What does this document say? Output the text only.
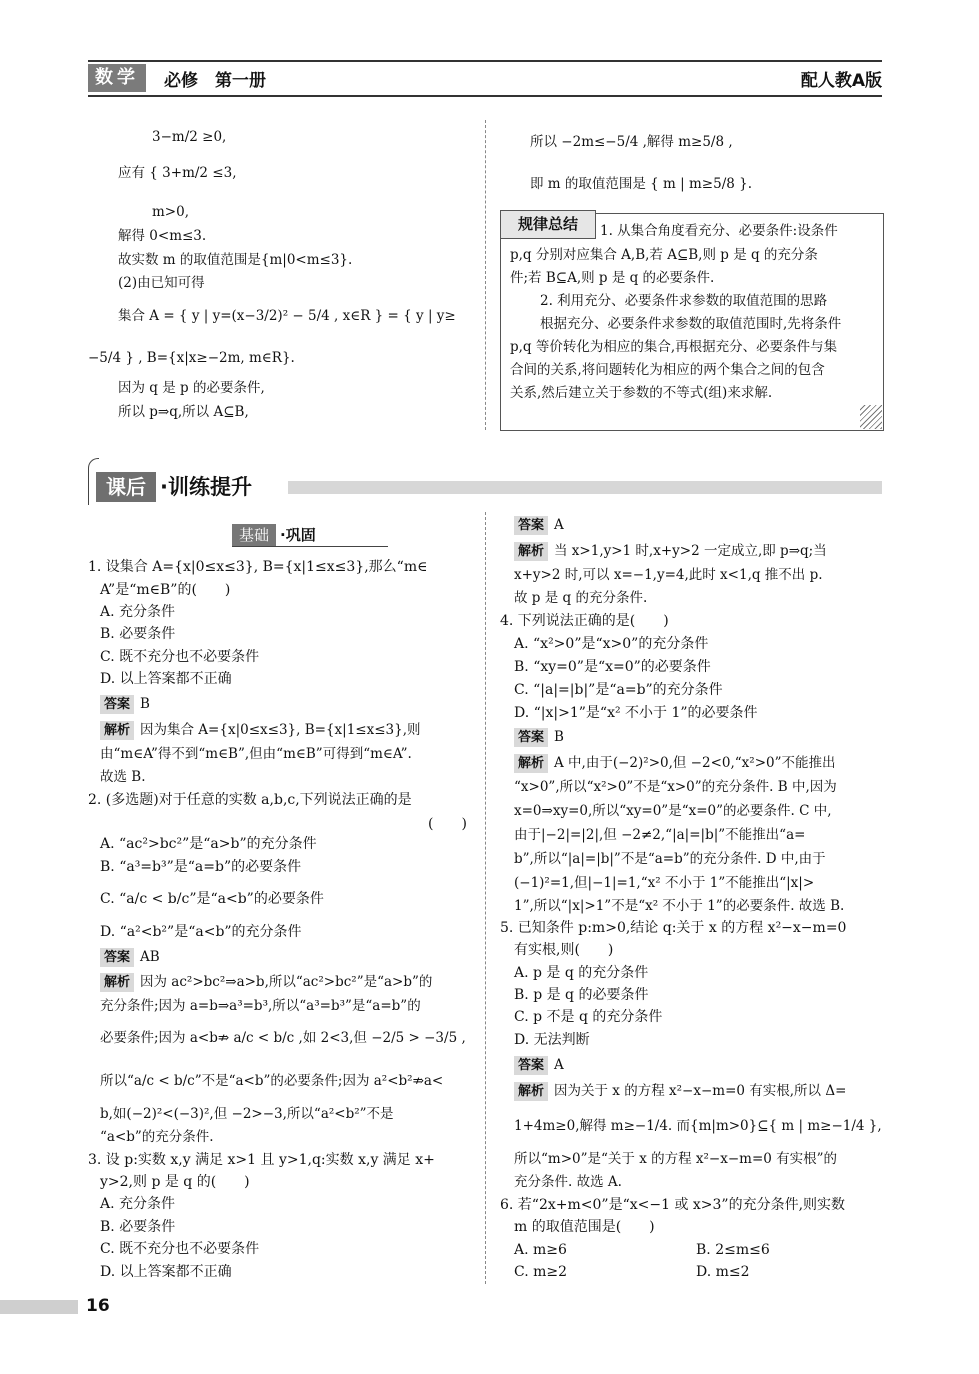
数学	必修　第一册	配人教A版
3−m/2 ≥0,
应有 { 3+m/2 ≤3,
m>0,
解得 0<m≤3.
故实数 m 的取值范围是{m|0<m≤3}.
(2)由已知可得
集合 A = { y | y=(x−3/2)² − 5/4 , x∈R } = { y | y≥
−5/4 } , B={x|x≥−2m, m∈R}.
因为 q 是 p 的必要条件,
所以 p⇒q,所以 A⊆B,
所以 −2m≤−5/4 ,解得 m≥5/8 ,
即 m 的取值范围是 { m | m≥5/8 }.
规律总结	1. 从集合角度看充分、必要条件:设条件
p,q 分别对应集合 A,B,若 A⊆B,则 p 是 q 的充分条
件;若 B⊆A,则 p 是 q 的必要条件.
2. 利用充分、必要条件求参数的取值范围的思路
根据充分、必要条件求参数的取值范围时,先将条件
p,q 等价转化为相应的集合,再根据充分、必要条件与集
合间的关系,将问题转化为相应的两个集合之间的包含
关系,然后建立关于参数的不等式(组)来求解.
课后 ·训练提升
基础 ·巩固
1. 设集合 A={x|0≤x≤3}, B={x|1≤x≤3},那么“m∈
A”是“m∈B”的(　　)
A. 充分条件
B. 必要条件
C. 既不充分也不必要条件
D. 以上答案都不正确
答案 B
解析 因为集合 A={x|0≤x≤3}, B={x|1≤x≤3},则
由“m∈A”得不到“m∈B”,但由“m∈B”可得到“m∈A”.
故选 B.
2. (多选题)对于任意的实数 a,b,c,下列说法正确的是
(　　)
A. “ac²>bc²”是“a>b”的充分条件
B. “a³=b³”是“a=b”的必要条件
C. “a/c < b/c”是“a<b”的必要条件
D. “a²<b²”是“a<b”的充分条件
答案 AB
解析 因为 ac²>bc²⇒a>b,所以“ac²>bc²”是“a>b”的
充分条件;因为 a=b⇒a³=b³,所以“a³=b³”是“a=b”的
必要条件;因为 a<b⇏ a/c < b/c ,如 2<3,但 −2/5 > −3/5 ,
所以“a/c < b/c”不是“a<b”的必要条件;因为 a²<b²⇏a<
b,如(−2)²<(−3)²,但 −2>−3,所以“a²<b²”不是
“a<b”的充分条件.
3. 设 p:实数 x,y 满足 x>1 且 y>1,q:实数 x,y 满足 x+
y>2,则 p 是 q 的(　　)
A. 充分条件
B. 必要条件
C. 既不充分也不必要条件
D. 以上答案都不正确
答案 A
解析 当 x>1,y>1 时,x+y>2 一定成立,即 p⇒q;当
x+y>2 时,可以 x=−1,y=4,此时 x<1,q 推不出 p.
故 p 是 q 的充分条件.
4. 下列说法正确的是(　　)
A. “x²>0”是“x>0”的充分条件
B. “xy=0”是“x=0”的必要条件
C. “|a|=|b|”是“a=b”的充分条件
D. “|x|>1”是“x² 不小于 1”的必要条件
答案 B
解析 A 中,由于(−2)²>0,但 −2<0,“x²>0”不能推出
“x>0”,所以“x²>0”不是“x>0”的充分条件. B 中,因为
x=0⇒xy=0,所以“xy=0”是“x=0”的必要条件. C 中,
由于|−2|=|2|,但 −2≠2,“|a|=|b|”不能推出“a=
b”,所以“|a|=|b|”不是“a=b”的充分条件. D 中,由于
(−1)²=1,但|−1|=1,“x² 不小于 1”不能推出“|x|>
1”,所以“|x|>1”不是“x² 不小于 1”的必要条件. 故选 B.
5. 已知条件 p:m>0,结论 q:关于 x 的方程 x²−x−m=0
有实根,则(　　)
A. p 是 q 的充分条件
B. p 是 q 的必要条件
C. p 不是 q 的充分条件
D. 无法判断
答案 A
解析 因为关于 x 的方程 x²−x−m=0 有实根,所以 Δ=
1+4m≥0,解得 m≥−1/4. 而{m|m>0}⊆{ m | m≥−1/4 },
所以“m>0”是“关于 x 的方程 x²−x−m=0 有实根”的
充分条件. 故选 A.
6. 若“2x+m<0”是“x<−1 或 x>3”的充分条件,则实数
m 的取值范围是(　　)
A. m≥6	B. 2≤m≤6
C. m≥2	D. m≤2
16
